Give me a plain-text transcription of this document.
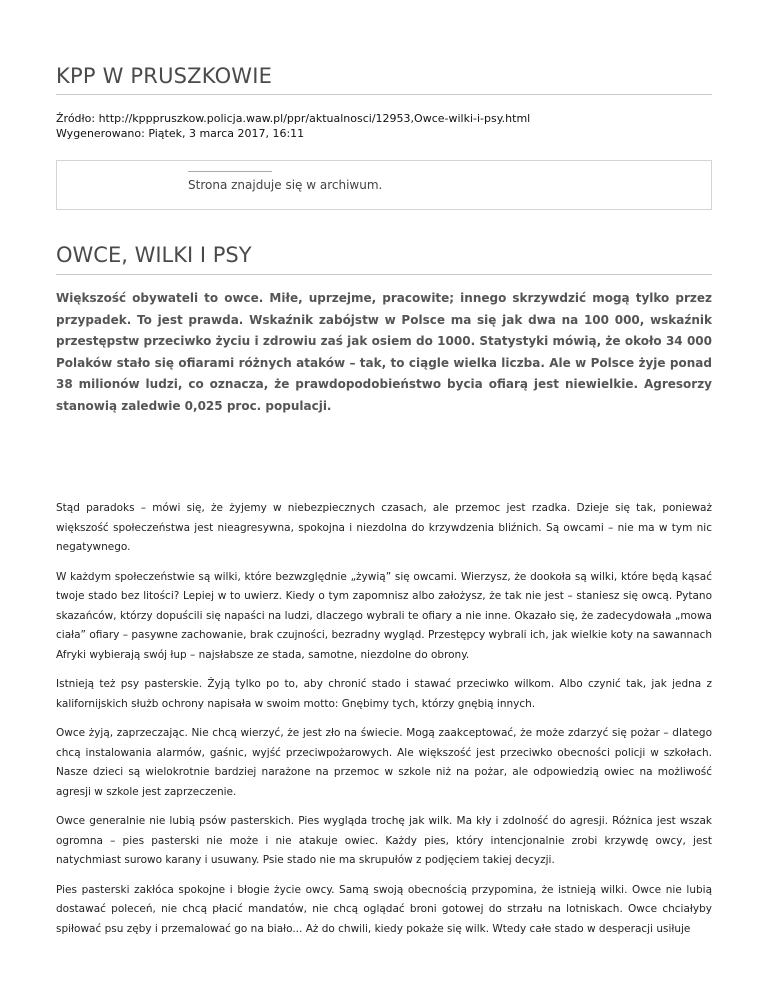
KPP W PRUSZKOWIE
Źródło: http://kpppruszkow.policja.waw.pl/ppr/aktualnosci/12953,Owce-wilki-i-psy.html
Wygenerowano: Piątek, 3 marca 2017, 16:11
Strona znajduje się w archiwum.
OWCE, WILKI I PSY

Większość obywateli to owce. Miłe, uprzejme, pracowite; innego skrzywdzić mogą tylko przez przypadek. To jest prawda. Wskaźnik zabójstw w Polsce ma się jak dwa na 100 000, wskaźnik przestępstw przeciwko życiu i zdrowiu zaś jak osiem do 1000. Statystyki mówią, że około 34 000 Polaków stało się ofiarami różnych ataków – tak, to ciągle wielka liczba. Ale w Polsce żyje ponad 38 milionów ludzi, co oznacza, że prawdopodobieństwo bycia ofiarą jest niewielkie. Agresorzy stanowią zaledwie 0,025 proc. populacji.

Stąd paradoks – mówi się, że żyjemy w niebezpiecznych czasach, ale przemoc jest rzadka. Dzieje się tak, ponieważ większość społeczeństwa jest nieagresywna, spokojna i niezdolna do krzywdzenia bliźnich. Są owcami – nie ma w tym nic negatywnego.

W każdym społeczeństwie są wilki, które bezwzględnie „żywią” się owcami. Wierzysz, że dookoła są wilki, które będą kąsać twoje stado bez litości? Lepiej w to uwierz. Kiedy o tym zapomnisz albo założysz, że tak nie jest – staniesz się owcą. Pytano skazańców, którzy dopuścili się napaści na ludzi, dlaczego wybrali te ofiary a nie inne. Okazało się, że zadecydowała „mowa ciała” ofiary – pasywne zachowanie, brak czujności, bezradny wygląd. Przestępcy wybrali ich, jak wielkie koty na sawannach Afryki wybierają swój łup – najsłabsze ze stada, samotne, niezdolne do obrony.

Istnieją też psy pasterskie. Żyją tylko po to, aby chronić stado i stawać przeciwko wilkom. Albo czynić tak, jak jedna z kalifornijskich służb ochrony napisała w swoim motto: Gnębimy tych, którzy gnębią innych.

Owce żyją, zaprzeczając. Nie chcą wierzyć, że jest zło na świecie. Mogą zaakceptować, że może zdarzyć się pożar – dlatego chcą instalowania alarmów, gaśnic, wyjść przeciwpożarowych. Ale większość jest przeciwko obecności policji w szkołach. Nasze dzieci są wielokrotnie bardziej narażone na przemoc w szkole niż na pożar, ale odpowiedzią owiec na możliwość agresji w szkole jest zaprzeczenie.

Owce generalnie nie lubią psów pasterskich. Pies wygląda trochę jak wilk. Ma kły i zdolność do agresji. Różnica jest wszak ogromna – pies pasterski nie może i nie atakuje owiec. Każdy pies, który intencjonalnie zrobi krzywdę owcy, jest natychmiast surowo karany i usuwany. Psie stado nie ma skrupułów z podjęciem takiej decyzji.

Pies pasterski zakłóca spokojne i błogie życie owcy. Samą swoją obecnością przypomina, że istnieją wilki. Owce nie lubią dostawać poleceń, nie chcą płacić mandatów, nie chcą oglądać broni gotowej do strzału na lotniskach. Owce chciałyby spiłować psu zęby i przemalować go na biało... Aż do chwili, kiedy pokaże się wilk. Wtedy całe stado w desperacji usiłuje
